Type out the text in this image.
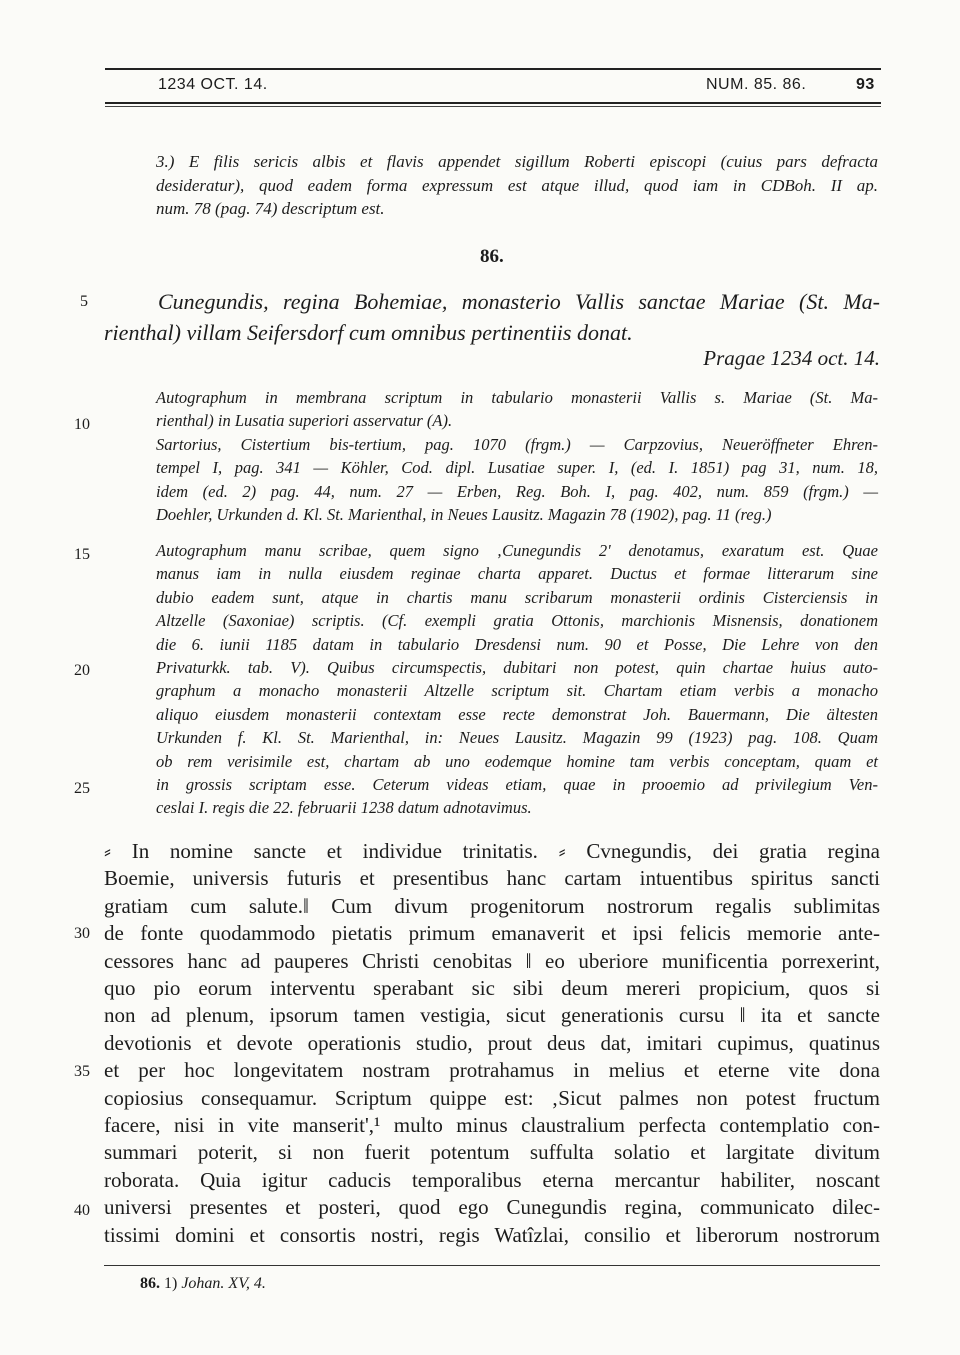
1234 OCT. 14.	NUM. 85. 86.	93
3.) E filis sericis albis et flavis appendet sigillum Roberti episcopi (cuius pars defracta
desideratur), quod eadem forma expressum est atque illud, quod iam in CDBoh. II ap.
num. 78 (pag. 74) descriptum est.
86.
Cunegundis, regina Bohemiae, monasterio Vallis sanctae Mariae (St. Ma-
rienthal) villam Seifersdorf cum omnibus pertinentiis donat.
Pragae 1234 oct. 14.
Autographum in membrana scriptum in tabulario monasterii Vallis s. Mariae (St. Ma-
rienthal) in Lusatia superiori asservatur (A).
Sartorius, Cistertium bis-tertium, pag. 1070 (frgm.) — Carpzovius, Neueröffneter Ehren-
tempel I, pag. 341 — Köhler, Cod. dipl. Lusatiae super. I, (ed. I. 1851) pag 31, num. 18,
idem (ed. 2) pag. 44, num. 27 — Erben, Reg. Boh. I, pag. 402, num. 859 (frgm.) —
Doehler, Urkunden d. Kl. St. Marienthal, in Neues Lausitz. Magazin 78 (1902), pag. 11 (reg.)
Autographum manu scribae, quem signo ‚Cunegundis 2' denotamus, exaratum est. Quae
manus iam in nulla eiusdem reginae charta apparet. Ductus et formae litterarum sine
dubio eadem sunt, atque in chartis manu scribarum monasterii ordinis Cisterciensis in
Altzelle (Saxoniae) scriptis. (Cf. exempli gratia Ottonis, marchionis Misnensis, donationem
die 6. iunii 1185 datam in tabulario Dresdensi num. 90 et Posse, Die Lehre von den
Privaturkk. tab. V). Quibus circumspectis, dubitari non potest, quin chartae huius auto-
graphum a monacho monasterii Altzelle scriptum sit. Chartam etiam verbis a monacho
aliquo eiusdem monasterii contextam esse recte demonstrat Joh. Bauermann, Die ältesten
Urkunden f. Kl. St. Marienthal, in: Neues Lausitz. Magazin 99 (1923) pag. 108. Quam
ob rem verisimile est, chartam ab uno eodemque homine tam verbis conceptam, quam et
in grossis scriptam esse. Ceterum videas etiam, quae in prooemio ad privilegium Ven-
ceslai I. regis die 22. februarii 1238 datum adnotavimus.
⸗ In nomine sancte et individue trinitatis. ⸗ Cvnegundis, dei gratia regina
Boemie, universis futuris et presentibus hanc cartam intuentibus spiritus sancti
gratiam cum salute.‖ Cum divum progenitorum nostrorum regalis sublimitas
de fonte quodammodo pietatis primum emanaverit et ipsi felicis memorie ante-
cessores hanc ad pauperes Christi cenobitas ‖ eo uberiore munificentia porrexerint,
quo pio eorum interventu sperabant sic sibi deum mereri propicium, quos si
non ad plenum, ipsorum tamen vestigia, sicut generationis cursu ‖ ita et sancte
devotionis et devote operationis studio, prout deus dat, imitari cupimus, quatinus
et per hoc longevitatem nostram protrahamus in melius et eterne vite dona
copiosius consequamur. Scriptum quippe est: ‚Sicut palmes non potest fructum
facere, nisi in vite manserit',¹ multo minus claustralium perfecta contemplatio con-
summari poterit, si non fuerit potentum suffulta solatio et largitate divitum
roborata. Quia igitur caducis temporalibus eterna mercantur habiliter, noscant
universi presentes et posteri, quod ego Cunegundis regina, communicato dilec-
tissimi domini et consortis nostri, regis Watîzlai, consilio et liberorum nostrorum
5
10
15
20
25
30
35
40
86. 1) Johan. XV, 4.
